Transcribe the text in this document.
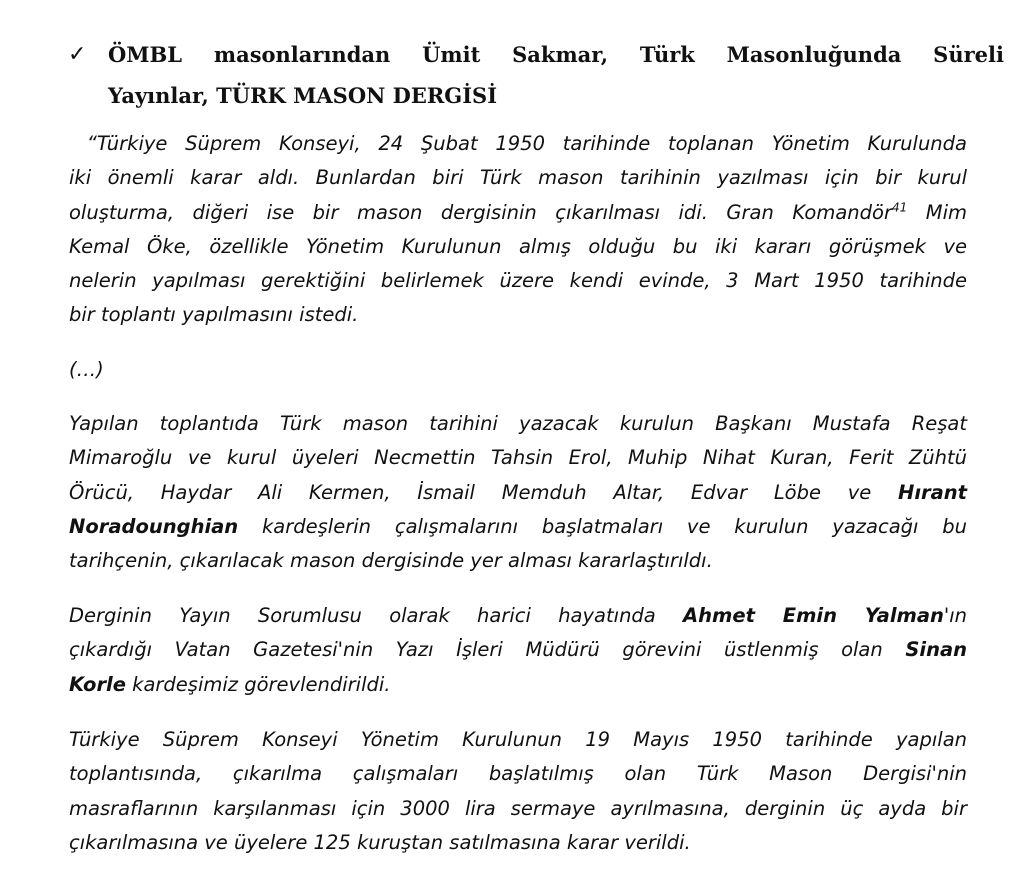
✓	ÖMBL masonlarından Ümit Sakmar, Türk Masonluğunda Süreli
Yayınlar, TÜRK MASON DERGİSİ
“Türkiye Süprem Konseyi, 24 Şubat 1950 tarihinde toplanan Yönetim Kurulunda
iki önemli karar aldı. Bunlardan biri Türk mason tarihinin yazılması için bir kurul
oluşturma, diğeri ise bir mason dergisinin çıkarılması idi. Gran Komandör$^{41}$ Mim
Kemal Öke, özellikle Yönetim Kurulunun almış olduğu bu iki kararı görüşmek ve
nelerin yapılması gerektiğini belirlemek üzere kendi evinde, 3 Mart 1950 tarihinde
bir toplantı yapılmasını istedi.
(…)
Yapılan toplantıda Türk mason tarihini yazacak kurulun Başkanı Mustafa Reşat
Mimaroğlu ve kurul üyeleri Necmettin Tahsin Erol, Muhip Nihat Kuran, Ferit Zühtü
Örücü, Haydar Ali Kermen, İsmail Memduh Altar, Edvar Löbe ve Hırant
Noradounghian kardeşlerin çalışmalarını başlatmaları ve kurulun yazacağı bu
tarihçenin, çıkarılacak mason dergisinde yer alması kararlaştırıldı.
Derginin Yayın Sorumlusu olarak harici hayatında Ahmet Emin Yalman'ın
çıkardığı Vatan Gazetesi'nin Yazı İşleri Müdürü görevini üstlenmiş olan Sinan
Korle kardeşimiz görevlendirildi.
Türkiye Süprem Konseyi Yönetim Kurulunun 19 Mayıs 1950 tarihinde yapılan
toplantısında, çıkarılma çalışmaları başlatılmış olan Türk Mason Dergisi'nin
masraflarının karşılanması için 3000 lira sermaye ayrılmasına, derginin üç ayda bir
çıkarılmasına ve üyelere 125 kuruştan satılmasına karar verildi.
